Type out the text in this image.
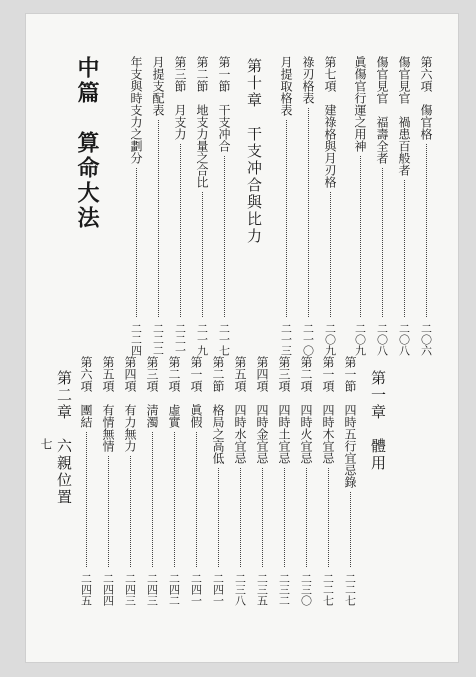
第六項　傷官格
二〇六
傷官見官　禍患百般者
二〇八
傷官見官　福壽全者
二〇八
眞傷官行運之用神
二〇九
第七項　建祿格與月刃格
二〇九
祿刃格表
二一〇
月提取格表
二一三
第十章　干支冲合與比力
第一節　干支冲合
二一七
第二節　地支力量之合比
二一九
第三節　月支力
二二一
月提支配表
二二二
年支與時支力之劃分
二二四
中篇　算命大法
第一章　體用
第一節　四時五行宜忌錄
二二七
第一項　四時木宜忌
二二七
第二項　四時火宜忌
二三〇
第三項　四時土宜忌
二三二
第四項　四時金宜忌
二三五
第五項　四時水宜忌
二三八
第二節　格局之高低
二四一
第一項　眞假
二四一
第二項　虛實
二四二
第三項　淸濁
二四三
第四項　有力無力
二四三
第五項　有情無情
二四四
第六項　團結
二四五
第二章　六親位置
七
